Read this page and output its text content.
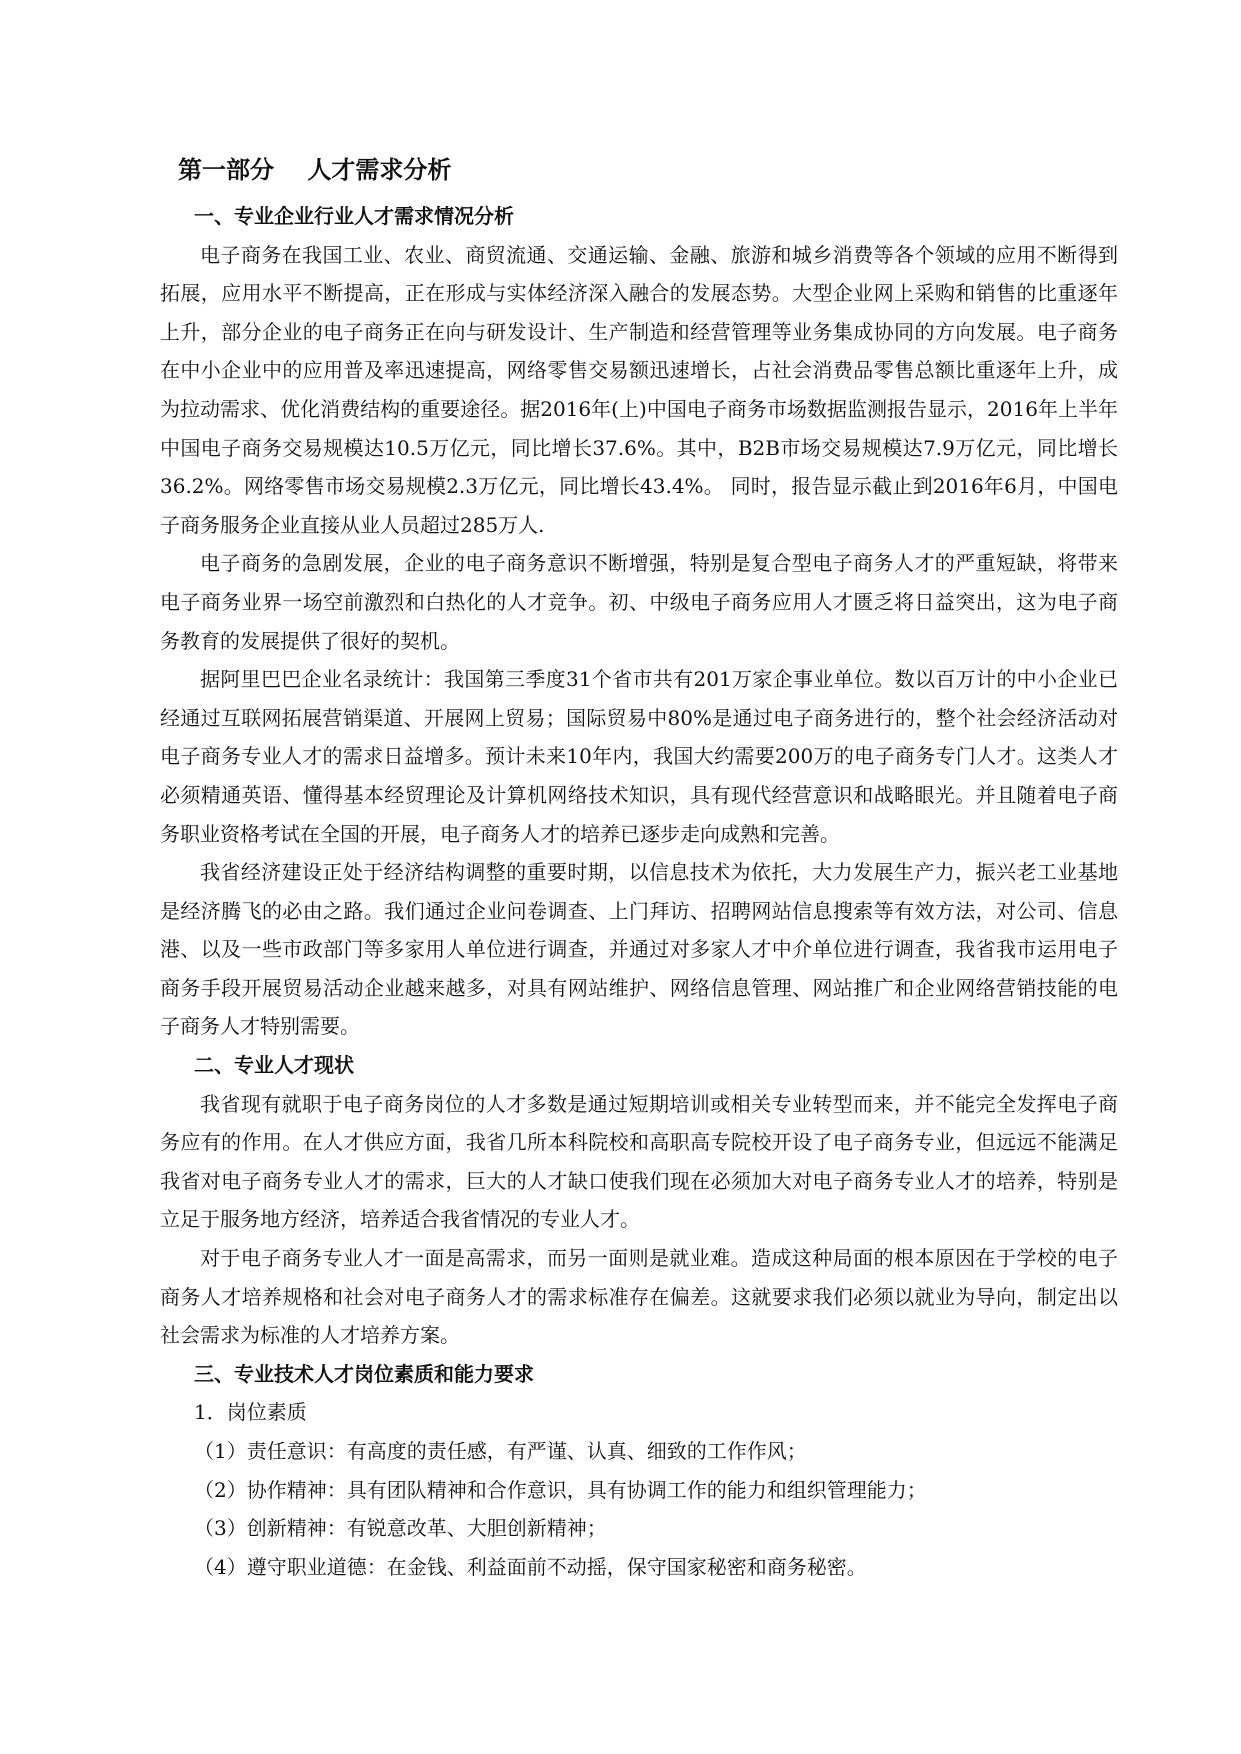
第一部分    人才需求分析
一、专业企业行业人才需求情况分析

电子商务在我国工业、农业、商贸流通、交通运输、金融、旅游和城乡消费等各个领域的应用不断得到拓展，应用水平不断提高，正在形成与实体经济深入融合的发展态势。大型企业网上采购和销售的比重逐年上升，部分企业的电子商务正在向与研发设计、生产制造和经营管理等业务集成协同的方向发展。电子商务在中小企业中的应用普及率迅速提高，网络零售交易额迅速增长，占社会消费品零售总额比重逐年上升，成为拉动需求、优化消费结构的重要途径。据2016年(上)中国电子商务市场数据监测报告显示，2016年上半年中国电子商务交易规模达10.5万亿元，同比增长37.6%。其中，B2B市场交易规模达7.9万亿元，同比增长36.2%。网络零售市场交易规模2.3万亿元，同比增长43.4%。 同时，报告显示截止到2016年6月，中国电子商务服务企业直接从业人员超过285万人.

电子商务的急剧发展，企业的电子商务意识不断增强，特别是复合型电子商务人才的严重短缺，将带来电子商务业界一场空前激烈和白热化的人才竞争。初、中级电子商务应用人才匮乏将日益突出，这为电子商务教育的发展提供了很好的契机。

据阿里巴巴企业名录统计：我国第三季度31个省市共有201万家企事业单位。数以百万计的中小企业已经通过互联网拓展营销渠道、开展网上贸易；国际贸易中80%是通过电子商务进行的，整个社会经济活动对电子商务专业人才的需求日益增多。预计未来10年内，我国大约需要200万的电子商务专门人才。这类人才必须精通英语、懂得基本经贸理论及计算机网络技术知识，具有现代经营意识和战略眼光。并且随着电子商务职业资格考试在全国的开展，电子商务人才的培养已逐步走向成熟和完善。

我省经济建设正处于经济结构调整的重要时期，以信息技术为依托，大力发展生产力，振兴老工业基地是经济腾飞的必由之路。我们通过企业问卷调查、上门拜访、招聘网站信息搜索等有效方法，对公司、信息港、以及一些市政部门等多家用人单位进行调查，并通过对多家人才中介单位进行调查，我省我市运用电子商务手段开展贸易活动企业越来越多，对具有网站维护、网络信息管理、网站推广和企业网络营销技能的电子商务人才特别需要。

二、专业人才现状

我省现有就职于电子商务岗位的人才多数是通过短期培训或相关专业转型而来，并不能完全发挥电子商务应有的作用。在人才供应方面，我省几所本科院校和高职高专院校开设了电子商务专业，但远远不能满足我省对电子商务专业人才的需求，巨大的人才缺口使我们现在必须加大对电子商务专业人才的培养，特别是立足于服务地方经济，培养适合我省情况的专业人才。

对于电子商务专业人才一面是高需求，而另一面则是就业难。造成这种局面的根本原因在于学校的电子商务人才培养规格和社会对电子商务人才的需求标准存在偏差。这就要求我们必须以就业为导向，制定出以社会需求为标准的人才培养方案。

三、专业技术人才岗位素质和能力要求

1．岗位素质

（1）责任意识：有高度的责任感，有严谨、认真、细致的工作作风；

（2）协作精神：具有团队精神和合作意识，具有协调工作的能力和组织管理能力；

（3）创新精神：有锐意改革、大胆创新精神；

（4）遵守职业道德：在金钱、利益面前不动摇，保守国家秘密和商务秘密。
